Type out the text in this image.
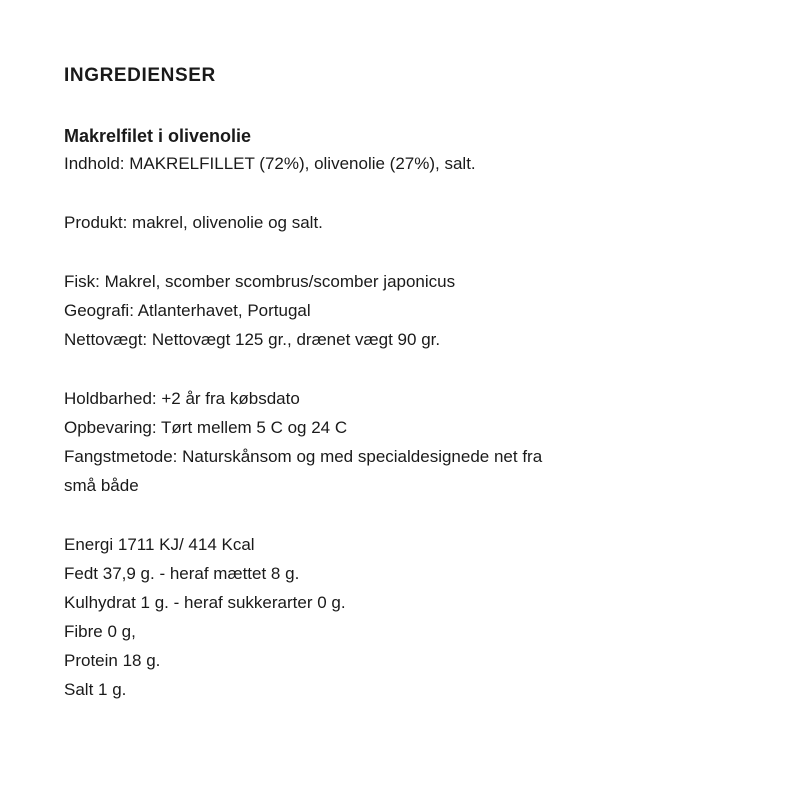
INGREDIENSER
Makrelfilet i olivenolie
Indhold: MAKRELFILLET (72%), olivenolie (27%), salt.
Produkt: makrel, olivenolie og salt.
Fisk: Makrel, scomber scombrus/scomber japonicus
Geografi: Atlanterhavet, Portugal
Nettovægt: Nettovægt 125 gr., drænet vægt 90 gr.
Holdbarhed: +2 år fra købsdato
Opbevaring: Tørt mellem 5 C og 24 C
Fangstmetode: Naturskånsom og med specialdesignede net fra små både
Energi 1711 KJ/ 414 Kcal
Fedt 37,9 g. - heraf mættet 8 g.
Kulhydrat 1 g. - heraf sukkerarter 0 g.
Fibre 0 g,
Protein 18 g.
Salt 1 g.
